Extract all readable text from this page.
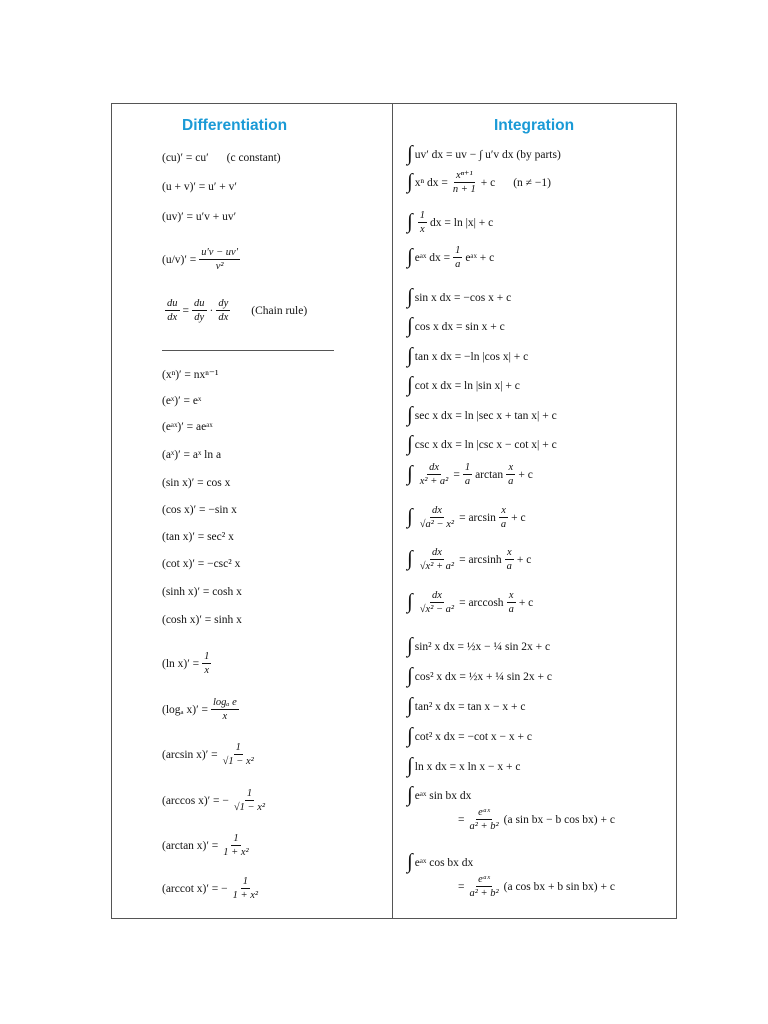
Differentiation	Integration
(cu)′ = cu′ (c constant)
(u + v)′ = u′ + v′
(uv)′ = u′v + uv′
$(u/v)' = \frac{u'v - uv'}{\text{v²}}$
$\frac{du}{dx} = \frac{du}{dy} \cdot \frac{dy}{dx}$ (Chain rule)
(xⁿ)′ = nxⁿ⁻¹
(eˣ)′ = eˣ
(eᵃˣ)′ = aeᵃˣ
(aˣ)′ = aˣ ln a
(sin x)′ = cos x
(cos x)′ = −sin x
(tan x)′ = sec² x
(cot x)′ = −csc² x
(sinh x)′ = cosh x
(cosh x)′ = sinh x
(ln $x)' = \frac{1}{x}$
(logₐ $x)' = \frac{\text{logₐ e}}{x}$
(arcsin $x)' = \frac{1}{\text{√1 − x²}}$
(arccos x)′ = − $\frac{1}{\text{√1 − x²}}$
(arctan $x)' = \frac{1}{\text{1 + x²}}$
(arccot x)′ = − $\frac{1}{\text{1 + x²}}$
∫ uv′ dx = uv − ∫ u′v dx (by parts)
∫ xⁿ dx = $\frac{\text{xⁿ⁺¹}}{n + 1} + c$ (n ≠ −1)
∫ $\frac{1}{x}$ dx = ln |x| + c
∫ eᵃˣ dx = $\frac{1}{a}$ eᵃˣ + c
∫ sin x dx = −cos x + c
∫ cos x dx = sin x + c
∫ tan x dx = −ln |cos x| + c
∫ cot x dx = ln |sin x| + c
∫ sec x dx = ln |sec x + tan x| + c
∫ csc x dx = ln |csc x − cot x| + c
∫ $\frac{dx}{\text{x² + a²}} = \frac{1}{a}$ $\arctan \frac{x}{a} + c$
∫ $\frac{dx}{\text{√a² − x²}} = \arcsin \frac{x}{a} + c$
∫ $\frac{dx}{\text{√x² + a²}} = \arcsin h \frac{x}{a} + c$
∫ $\frac{dx}{\text{√x² − a²}} = \arccos h \frac{x}{a} + c$
∫ sin² x dx = ½x − ¼ sin 2x + c
∫ cos² x dx = ½x + ¼ sin 2x + c
∫ tan² x dx = tan x − x + c
∫ cot² x dx = −cot x − x + c
∫ ln x dx = x ln x − x + c
∫ eᵃˣ sin bx dx
= $\frac{\text{eᵃˣ}}{\text{a² + b²}} (a$ sin bx − b cos bx) + c
∫ eᵃˣ cos bx dx
= $\frac{\text{eᵃˣ}}{\text{a² + b²}} (a$ cos bx + b sin bx) + c
